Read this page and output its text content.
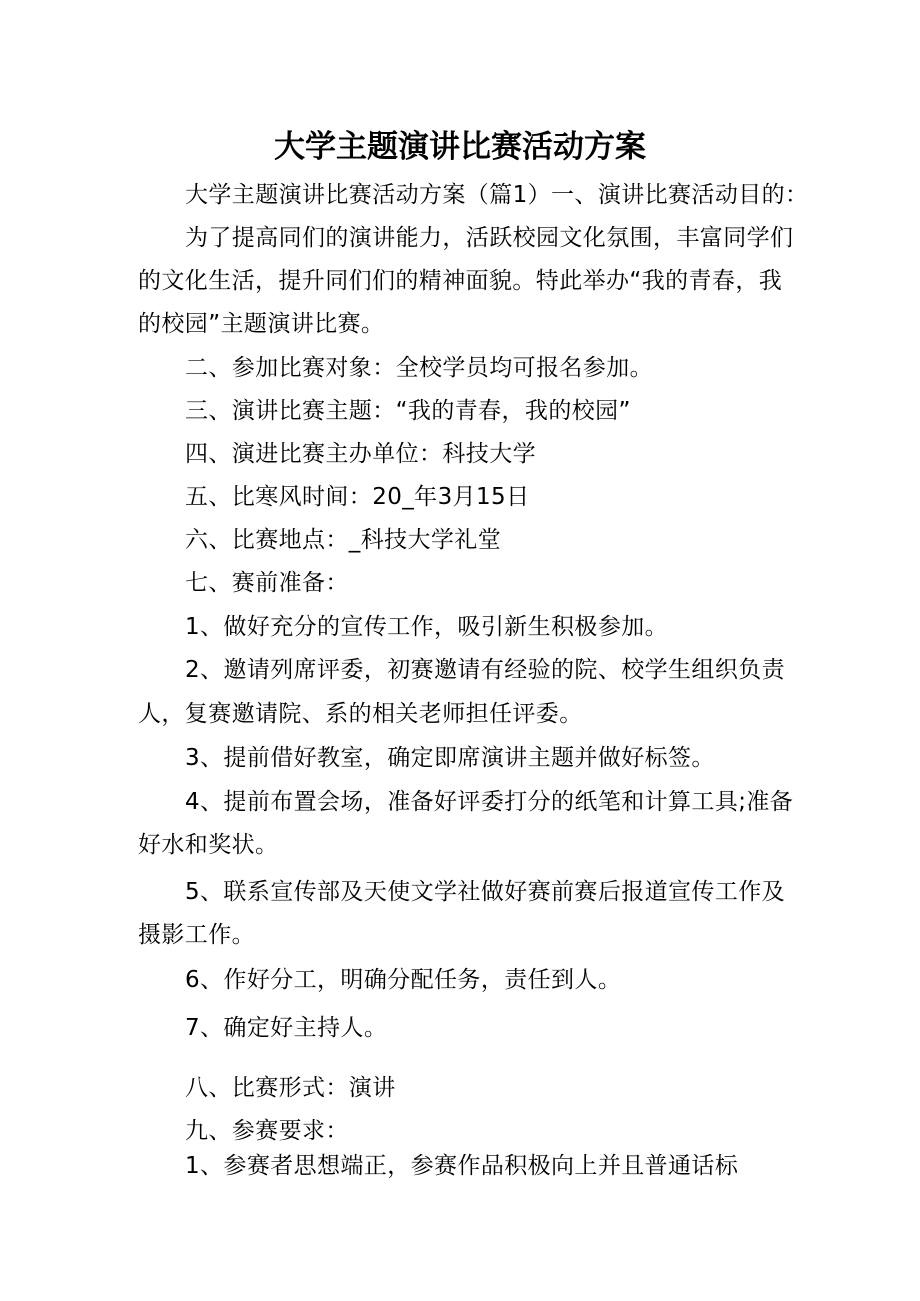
大学主题演讲比赛活动方案
大学主题演讲比赛活动方案（篇1）一、演讲比赛活动目的：
为了提高同们的演讲能力，活跃校园文化氛围，丰富同学们
的文化生活，提升同们们的精神面貌。特此举办“我的青春，我
的校园”主题演讲比赛。
二、参加比赛对象：全校学员均可报名参加。
三、演讲比赛主题：“我的青春，我的校园”
四、演进比赛主办单位：科技大学
五、比寒风时间：20_年3月15日
六、比赛地点：_科技大学礼堂
七、赛前准备：
1、做好充分的宣传工作，吸引新生积极参加。
2、邀请列席评委，初赛邀请有经验的院、校学生组织负责
人，复赛邀请院、系的相关老师担任评委。
3、提前借好教室，确定即席演讲主题并做好标签。
4、提前布置会场，准备好评委打分的纸笔和计算工具;准备
好水和奖状。
5、联系宣传部及天使文学社做好赛前赛后报道宣传工作及
摄影工作。
6、作好分工，明确分配任务，责任到人。
7、确定好主持人。
八、比赛形式：演讲
九、参赛要求：
1、参赛者思想端正，参赛作品积极向上并且普通话标
